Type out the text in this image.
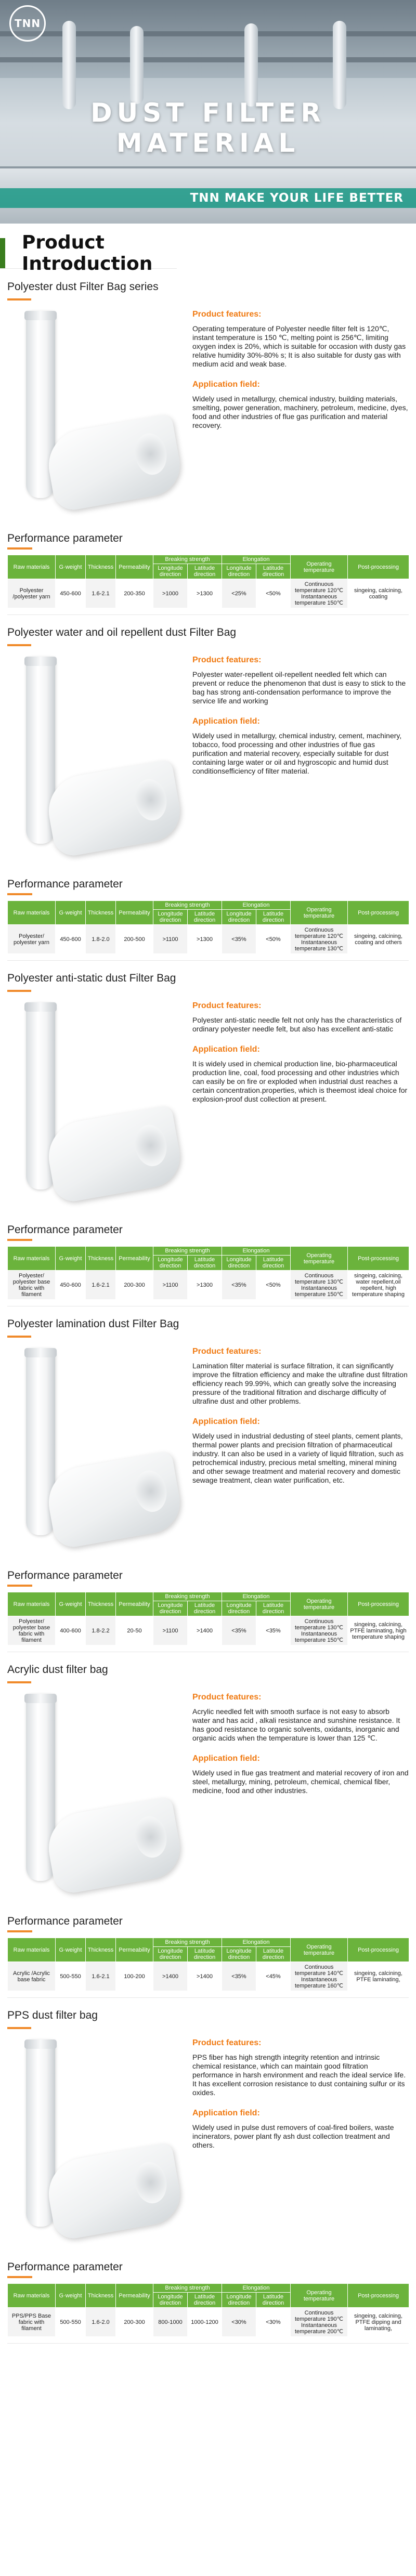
TNN
DUST FILTER MATERIAL
TNN MAKE YOUR LIFE BETTER
Product Introduction
Polyester dust Filter Bag series
Product features:
Operating temperature of Polyester needle filter felt is 120℃, instant temperature is 150 ℃, melting point is 256℃, limiting oxygen index is 20%, which is suitable for occasion with dusty gas relative humidity 30%-80% s; It is also suitable for dusty gas with medium acid and weak base.
Application field:
Widely used in metallurgy, chemical industry, building materials, smelting, power generation, machinery, petroleum, medicine, dyes, food and other industries of flue gas purification and material recovery.
Performance parameter
Raw materials	G·weight	Thickness	Permeability	Breaking strength		Elongation		Operating temperature	Post-processing
				Longitude direction	Latitude direction	Longitude direction	Latitude direction		
Polyester /polyester yarn	450-600	1.6-2.1	200-350	>1000	>1300	<25%	<50%	Continuous temperature 120℃ Instantaneous temperature 150℃	singeing, calcining, coating
Polyester water and oil repellent dust Filter Bag
Product features:
Polyester water-repellent oil-repellent needled felt which can prevent or reduce the phenomenon that dust is easy to stick to the bag has strong anti-condensation performance to improve the service life and working
Application field:
Widely used in metallurgy, chemical industry, cement, machinery, tobacco, food processing and other industries of flue gas purification and material recovery, especially suitable for dust containing large water or oil and hygroscopic and humid dust conditionsefficiency of filter material.
Performance parameter
Raw materials	G·weight	Thickness	Permeability	Breaking strength		Elongation		Operating temperature	Post-processing
				Longitude direction	Latitude direction	Longitude direction	Latitude direction		
Polyester/ polyester yarn	450-600	1.8-2.0	200-500	>1100	>1300	<35%	<50%	Continuous temperature 120℃ Instantaneous temperature 130℃	singeing, calcining, coating and others
Polyester anti-static dust Filter Bag
Product features:
Polyester anti-static needle felt not only has the characteristics of ordinary polyester needle felt, but also has excellent anti-static
Application field:
It is widely used in chemical production line, bio-pharmaceutical production line, coal, food processing and other industries which can easily be on fire or exploded when industrial dust reaches a certain concentration.properties, which is theemost ideal choice for explosion-proof dust collection at present.
Performance parameter
Raw materials	G·weight	Thickness	Permeability	Breaking strength		Elongation		Operating temperature	Post-processing
				Longitude direction	Latitude direction	Longitude direction	Latitude direction		
Polyester/ polyester base fabric with filament	450-600	1.6-2.1	200-300	>1100	>1300	<35%	<50%	Continuous temperature 130℃ Instantaneous temperature 150℃	singeing, calcining, water repellent,oil repellent, high temperature shaping
Polyester lamination dust Filter Bag
Product features:
Lamination filter material is surface filtration, it can significantly improve the filtration efficiency and make the ultrafine dust filtration efficiency reach 99.99%, which can greatly solve the increasing pressure of the traditional filtration and discharge difficulty of ultrafine dust and other problems.
Application field:
Widely used in industrial dedusting of steel plants, cement plants, thermal power plants and precision filtration of pharmaceutical industry. It can also be used in a variety of liquid filtration, such as petrochemical industry, precious metal smelting, mineral mining and other sewage treatment and material recovery and domestic sewage treatment, clean water purification, etc.
Performance parameter
Raw materials	G·weight	Thickness	Permeability	Breaking strength		Elongation		Operating temperature	Post-processing
				Longitude direction	Latitude direction	Longitude direction	Latitude direction		
Polyester/ polyester base fabric with filament	400-600	1.8-2.2	20-50	>1100	>1400	<35%	<35%	Continuous temperature 130℃ Instantaneous temperature 150℃	singeing, calcining, PTFE laminating, high temperature shaping
Acrylic dust filter bag
Product features:
Acrylic needled felt with smooth surface is not easy to absorb water and has acid , alkali resistance and sunshine resistance. It has good resistance to organic solvents, oxidants, inorganic and organic acids when the temperature is lower than 125 ℃.
Application field:
Widely used in flue gas treatment and material recovery of iron and steel, metallurgy, mining, petroleum, chemical, chemical fiber, medicine, food and other industries.
Performance parameter
Raw materials	G·weight	Thickness	Permeability	Breaking strength		Elongation		Operating temperature	Post-processing
				Longitude direction	Latitude direction	Longitude direction	Latitude direction		
Acrylic /Acrylic base fabric	500-550	1.6-2.1	100-200	>1400	>1400	<35%	<45%	Continuous temperature 140℃ Instantaneous temperature 160℃	singeing, calcining, PTFE laminating,
PPS dust filter bag
Product features:
PPS fiber has high strength integrity retention and intrinsic chemical resistance, which can maintain good filtration performance in harsh environment and reach the ideal service life. It has excellent corrosion resistance to dust containing sulfur or its oxides.
Application field:
Widely used in pulse dust removers of coal-fired boilers, waste incinerators, power plant fly ash dust collection treatment and others.
Performance parameter
Raw materials	G·weight	Thickness	Permeability	Breaking strength		Elongation		Operating temperature	Post-processing
				Longitude direction	Latitude direction	Longitude direction	Latitude direction		
PPS/PPS Base fabric with filament	500-550	1.6-2.0	200-300	800-1000	1000-1200	<30%	<30%	Continuous temperature 190℃ Instantaneous temperature 200℃	singeing, calcining, PTFE dipping and laminating,
